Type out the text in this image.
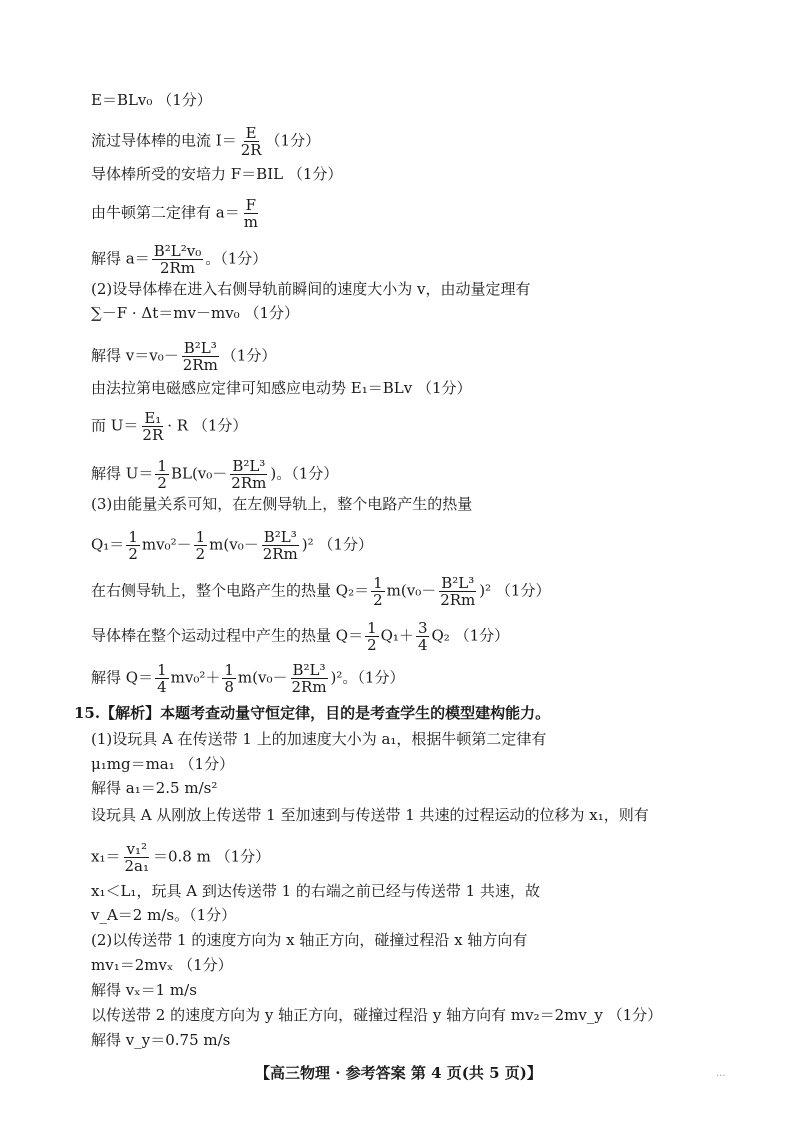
E＝BLv₀ （1分）
流过导体棒的电流 $I= \frac{E}{2R} (1$分）
导体棒所受的安培力 F＝BIL （1分）
由牛顿第二定律有 $a= \frac{F}{m}$
解得 $a= \frac{\text{B²L²v₀}}{2Rm}$ 。（1分）
(2)设导体棒在进入右侧导轨前瞬间的速度大小为 v，由动量定理有
∑－F · Δt＝mv－mv₀ （1分）
解得 $v=v_0- \frac{\text{B²L³}}{2Rm} (1$分）
由法拉第电磁感应定律可知感应电动势 E₁＝BLv （1分）
而 $U= \frac{\text{E₁}}{2R} \cdot R$ （1分）
解得 $U= \frac{1}{2} BL(v_0- \frac{\text{B²L³}}{2Rm}$ )。（1分）
(3)由能量关系可知，在左侧导轨上，整个电路产生的热量
$Q_1= \frac{1}{2} mv_0^2- \frac{1}{2} m(v_0- \frac{\text{B²L³}}{2Rm} )^2$ （1分）
在右侧导轨上，整个电路产生的热量 $Q_2= \frac{1}{2} m(v_0- \frac{\text{B²L³}}{2Rm} )^2$ （1分）
导体棒在整个运动过程中产生的热量 $Q= \frac{1}{2} Q_1+ \frac{3}{4} Q_2$ （1分）
解得 $Q= \frac{1}{4} mv_0^2+ \frac{1}{8} m(v_0- \frac{\text{B²L³}}{2Rm} )^2$。（1分）
15.【解析】本题考查动量守恒定律，目的是考查学生的模型建构能力。
(1)设玩具 A 在传送带 1 上的加速度大小为 a₁，根据牛顿第二定律有
μ₁mg＝ma₁ （1分）
解得 a₁＝2.5 m/s²
设玩具 A 从刚放上传送带 1 至加速到与传送带 1 共速的过程运动的位移为 x₁，则有
$x_1= \frac{\text{v₁²}}{\text{2a₁}} =0.8$ m （1分）
x₁＜L₁，玩具 A 到达传送带 1 的右端之前已经与传送带 1 共速，故
v_A＝2 m/s。（1分）
(2)以传送带 1 的速度方向为 x 轴正方向，碰撞过程沿 x 轴方向有
mv₁＝2mvₓ （1分）
解得 vₓ＝1 m/s
以传送带 2 的速度方向为 y 轴正方向，碰撞过程沿 y 轴方向有 mv₂＝2mv_y （1分）
解得 v_y＝0.75 m/s
【高三物理 · 参考答案 第 4 页(共 5 页)】	...
